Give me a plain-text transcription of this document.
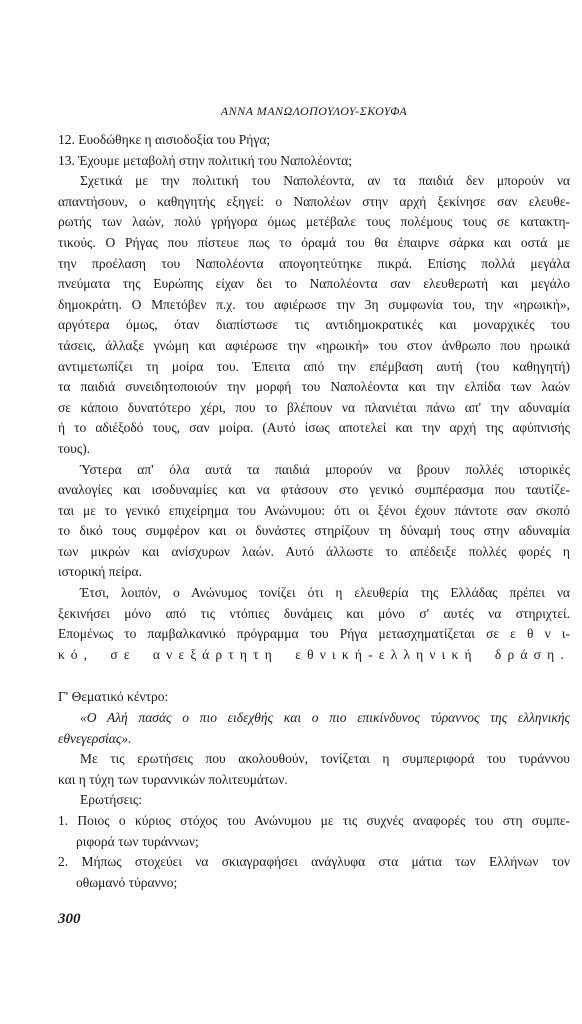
ΑΝΝΑ ΜΑΝΩΛΟΠΟΥΛΟΥ-ΣΚΟΥΦΑ
12. Ευοδώθηκε η αισιοδοξία του Ρήγα;
13. Έχουμε μεταβολή στην πολιτική του Ναπολέοντα;
Σχετικά με την πολιτική του Ναπολέοντα, αν τα παιδιά δεν μπορούν να
απαντήσουν, ο καθηγητής εξηγεί: ο Ναπολέων στην αρχή ξεκίνησε σαν ελευθε-
ρωτής των λαών, πολύ γρήγορα όμως μετέβαλε τους πολέμους τους σε κατακτη-
τικούς. Ο Ρήγας που πίστευε πως το όραμά του θα έπαιρνε σάρκα και οστά με
την προέλαση του Ναπολέοντα απογοητεύτηκε πικρά. Επίσης πολλά μεγάλα
πνεύματα της Ευρώπης είχαν δει το Ναπολέοντα σαν ελευθερωτή και μεγάλο
δημοκράτη. Ο Μπετόβεν π.χ. του αφιέρωσε την 3η συμφωνία του, την «ηρωική»,
αργότερα όμως, όταν διαπίστωσε τις αντιδημοκρατικές και μοναρχικές του
τάσεις, άλλαξε γνώμη και αφιέρωσε την «ηρωική» του στον άνθρωπο που ηρωικά
αντιμετωπίζει τη μοίρα του. Έπειτα από την επέμβαση αυτή (του καθηγητή)
τα παιδιά συνειδητοποιούν την μορφή του Ναπολέοντα και την ελπίδα των λαών
σε κάποιο δυνατότερο χέρι, που το βλέπουν να πλανιέται πάνω απ' την αδυναμία
ή το αδιέξοδό τους, σαν μοίρα. (Αυτό ίσως αποτελεί και την αρχή της αφύπνισής
τους).
Ύστερα απ' όλα αυτά τα παιδιά μπορούν να βρουν πολλές ιστορικές
αναλογίες και ισοδυναμίες και να φτάσουν στο γενικό συμπέρασμα που ταυτίζε-
ται με το γενικό επιχείρημα του Ανώνυμου: ότι οι ξένοι έχουν πάντοτε σαν σκοπό
το δικό τους συμφέρον και οι δυνάστες στηρίζουν τη δύναμή τους στην αδυναμία
των μικρών και ανίσχυρων λαών. Αυτό άλλωστε το απέδειξε πολλές φορές η
ιστορική πείρα.
Έτσι, λοιπόν, ο Ανώνυμος τονίζει ότι η ελευθερία της Ελλάδας πρέπει να
ξεκινήσει μόνο από τις ντόπιες δυνάμεις και μόνο σ' αυτές να στηριχτεί.
Επομένως το παμβαλκανικό πρόγραμμα του Ρήγα μετασχηματίζεται σε ε θ ν ι-
κό, σε ανεξάρτητη εθνική-ελληνική δράση.
Γ' Θεματικό κέντρο:
«Ο Αλή πασάς ο πιο ειδεχθής και ο πιο επικίνδυνος τύραννος της ελληνικής
εθνεγερσίας».
Με τις ερωτήσεις που ακολουθούν, τονίζεται η συμπεριφορά του τυράννου
και η τύχη των τυραννικών πολιτευμάτων.
Ερωτήσεις:
1. Ποιος ο κύριος στόχος του Ανώνυμου με τις συχνές αναφορές του στη συμπε-
ριφορά των τυράννων;
2. Μήπως στοχεύει να σκιαγραφήσει ανάγλυφα στα μάτια των Ελλήνων τον
οθωμανό τύραννο;
300
